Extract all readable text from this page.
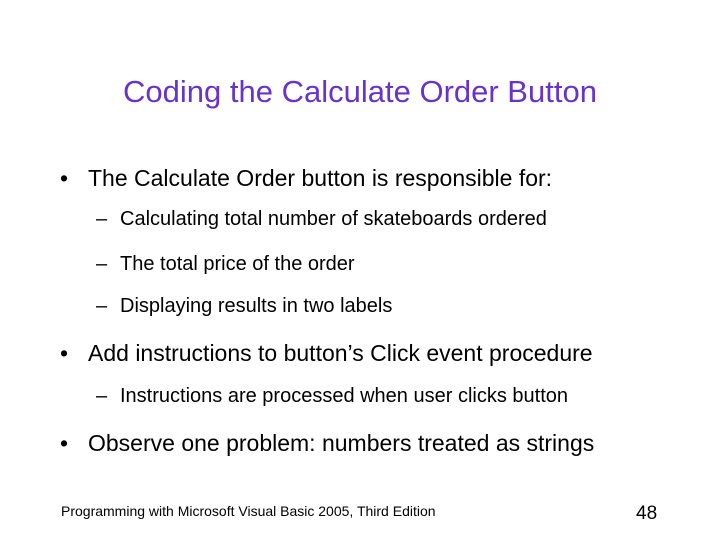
Coding the Calculate Order Button
• The Calculate Order button is responsible for:
– Calculating total number of skateboards ordered
– The total price of the order
– Displaying results in two labels
• Add instructions to button’s Click event procedure
– Instructions are processed when user clicks button
• Observe one problem: numbers treated as strings
Programming with Microsoft Visual Basic 2005, Third Edition	48
